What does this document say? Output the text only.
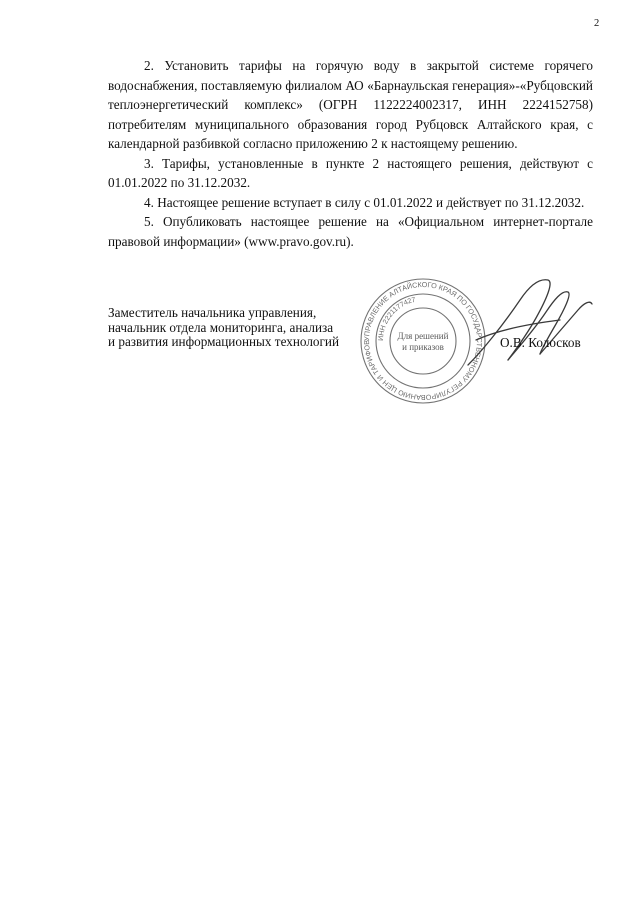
2

2. Установить тарифы на горячую воду в закрытой системе горячего водоснабжения, поставляемую филиалом АО «Барнаульская генерация»-«Рубцовский теплоэнергетический комплекс» (ОГРН 1122224002317, ИНН 2224152758) потребителям муниципального образования город Рубцовск Алтайского края, с календарной разбивкой согласно приложению 2 к настоящему решению.

3. Тарифы, установленные в пункте 2 настоящего решения, действуют с 01.01.2022 по 31.12.2032.

4. Настоящее решение вступает в силу с 01.01.2022 и действует по 31.12.2032.

5. Опубликовать настоящее решение на «Официальном интернет-портале правовой информации» (www.pravo.gov.ru).

Заместитель начальника управления,
начальник отдела мониторинга, анализа
и развития информационных технологий	УПРАВЛЕНИЕ АЛТАЙСКОГО КРАЯ ПО ГОСУДАРСТВЕННОМУ РЕГУЛИРОВАНИЮ ЦЕН И ТАРИФОВ
ИНН 2221177427
Для решений
и приказов	О.В. Колосков
